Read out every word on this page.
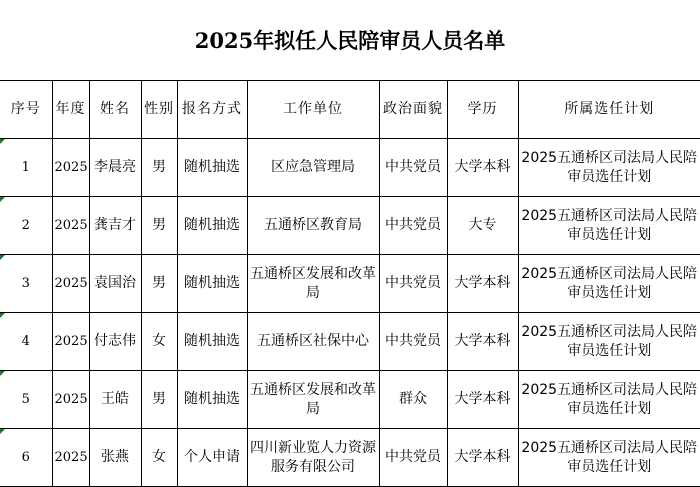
2025年拟任人民陪审员人员名单
序号	年度	姓名	性别	报名方式	工作单位	政治面貌	学历	所属选任计划
1	2025	李晨亮	男	随机抽选	区应急管理局	中共党员	大学本科	2025五通桥区司法局人民陪审员选任计划
2	2025	龚吉才	男	随机抽选	五通桥区教育局	中共党员	大专	2025五通桥区司法局人民陪审员选任计划
3	2025	袁国治	男	随机抽选	五通桥区发展和改革局	中共党员	大学本科	2025五通桥区司法局人民陪审员选任计划
4	2025	付志伟	女	随机抽选	五通桥区社保中心	中共党员	大学本科	2025五通桥区司法局人民陪审员选任计划
5	2025	王皓	男	随机抽选	五通桥区发展和改革局	群众	大学本科	2025五通桥区司法局人民陪审员选任计划
6	2025	张燕	女	个人申请	四川新业览人力资源服务有限公司	中共党员	大学本科	2025五通桥区司法局人民陪审员选任计划
